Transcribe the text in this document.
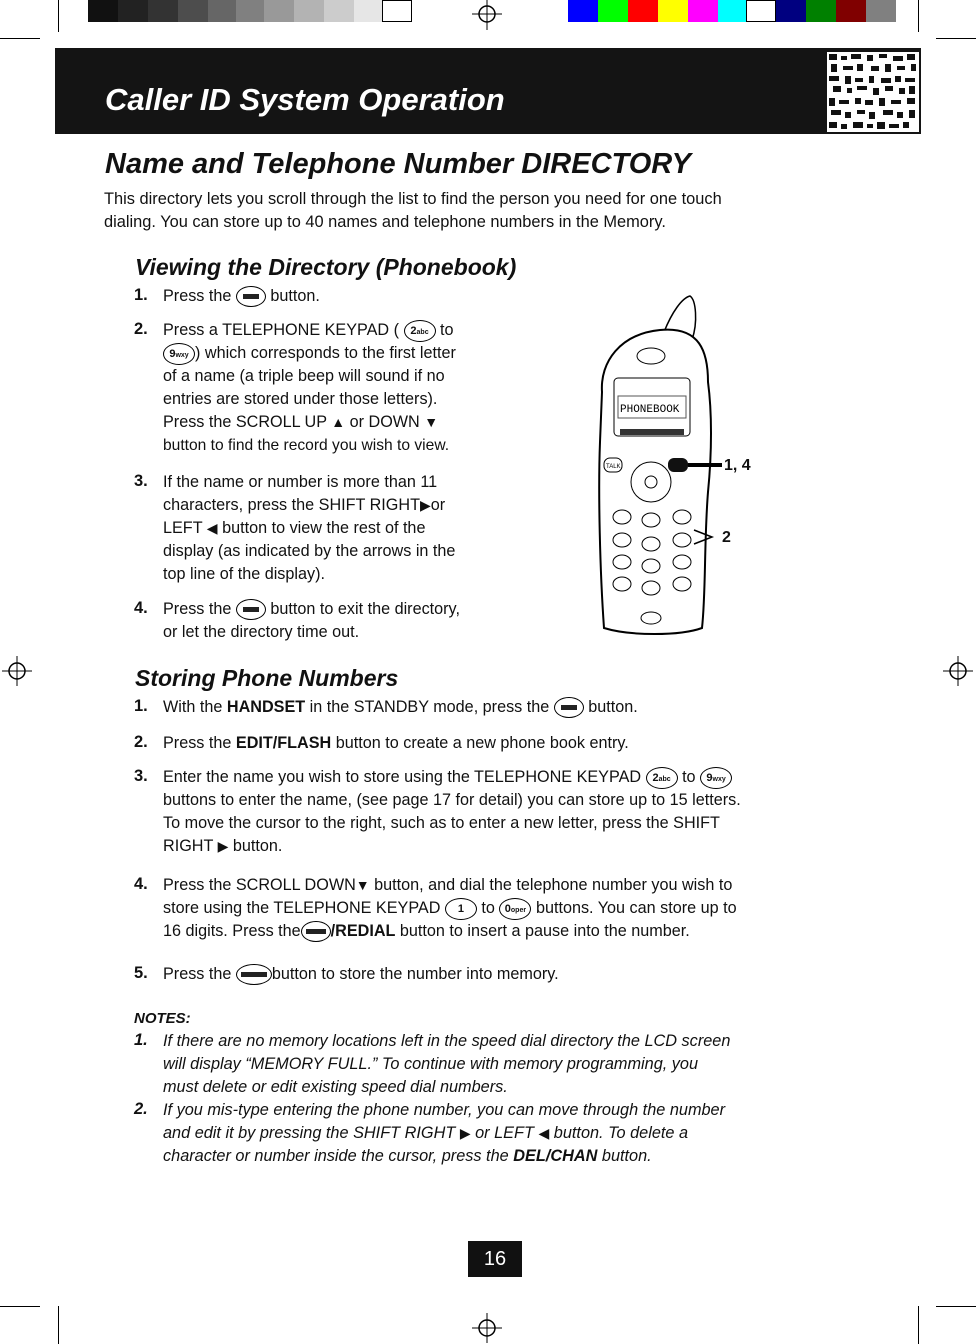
Caller ID System Operation
Name and Telephone Number DIRECTORY
This directory lets you scroll through the list to find the person you need for one touch
dialing. You can store up to 40 names and telephone numbers in the Memory.
Viewing the Directory (Phonebook)
1. Press the button.
2. Press a TELEPHONE KEYPAD ( 2abc to
9wxy ) which corresponds to the first letter
of a name (a triple beep will sound if no
entries are stored under those letters).
Press the SCROLL UP ▲ or DOWN ▼
button to find the record you wish to view.
3. If the name or number is more than 11
characters, press the SHIFT RIGHT▶or
LEFT ◀ button to view the rest of the
display (as indicated by the arrows in the
top line of the display).
4. Press the button to exit the directory,
or let the directory time out.
PHONEBOOK
TALK	1, 4
2
Storing Phone Numbers
1. With the HANDSET in the STANDBY mode, press the button.
2. Press the EDIT/FLASH button to create a new phone book entry.
3. Enter the name you wish to store using the TELEPHONE KEYPAD 2abc to 9wxy
buttons to enter the name, (see page 17 for detail) you can store up to 15 letters.
To move the cursor to the right, such as to enter a new letter, press the SHIFT
RIGHT ▶ button.
4. Press the SCROLL DOWN▼ button, and dial the telephone number you wish to
store using the TELEPHONE KEYPAD 1 to 0oper buttons. You can store up to
16 digits. Press the /REDIAL button to insert a pause into the number.
5. Press the	button to store the number into memory.
NOTES:
1. If there are no memory locations left in the speed dial directory the LCD screen
will display “MEMORY FULL.” To continue with memory programming, you
must delete or edit existing speed dial numbers.
2. If you mis-type entering the phone number, you can move through the number
and edit it by pressing the SHIFT RIGHT ▶ or LEFT ◀ button. To delete a
character or number inside the cursor, press the DEL/CHAN button.
16
